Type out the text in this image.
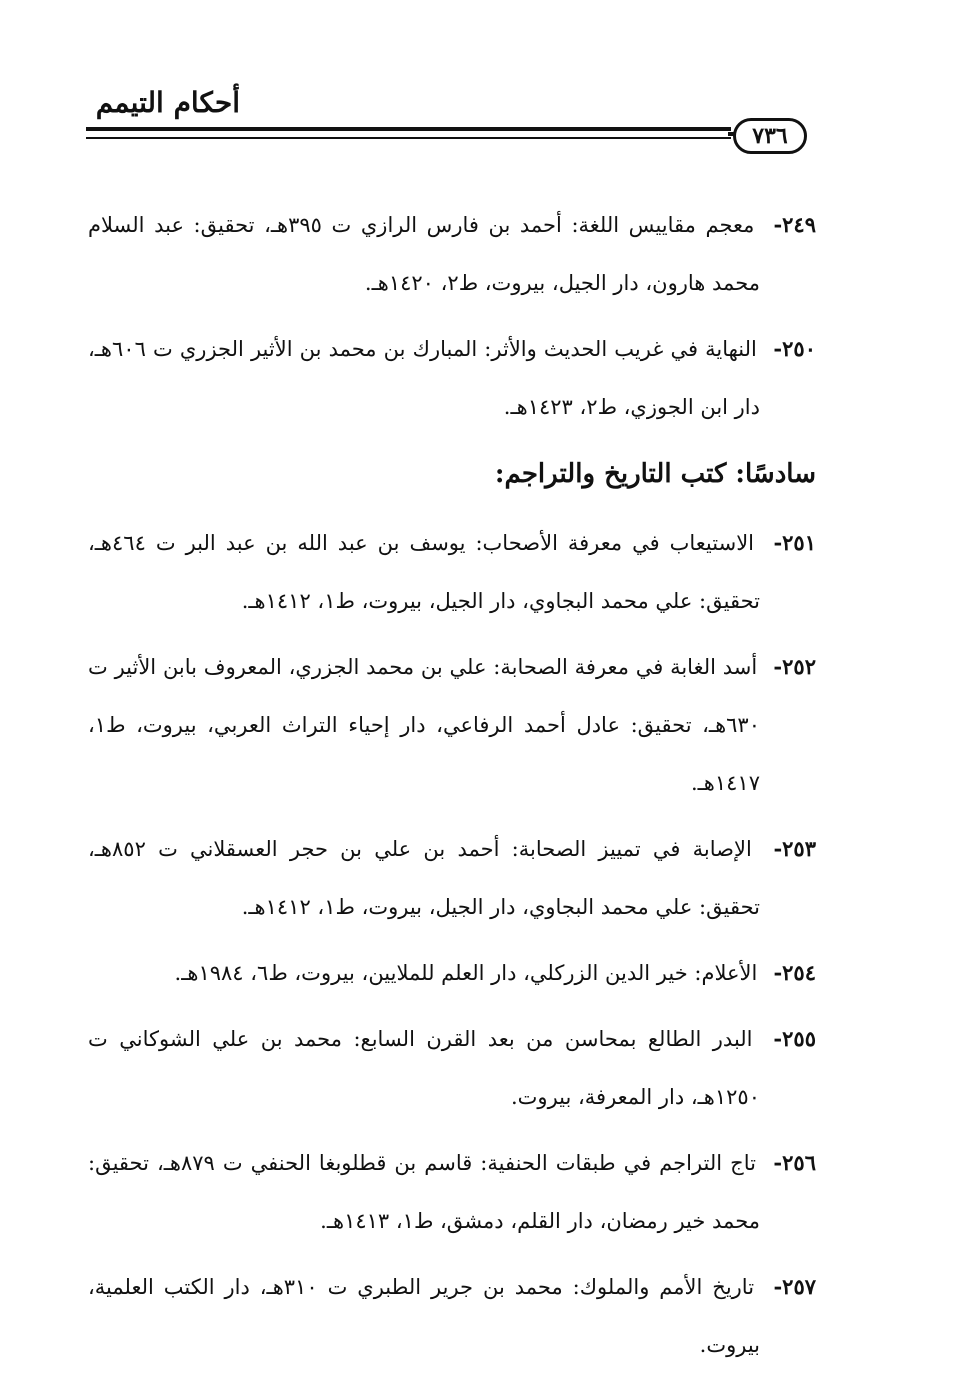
أحكام التيمم
٧٣٦
٢٤٩- معجم مقاييس اللغة: أحمد بن فارس الرازي ت ٣٩٥هـ، تحقيق: عبد السلام محمد هارون، دار الجيل، بيروت، ط٢، ١٤٢٠هـ.
٢٥٠- النهاية في غريب الحديث والأثر: المبارك بن محمد بن الأثير الجزري ت ٦٠٦هـ، دار ابن الجوزي، ط٢، ١٤٢٣هـ.
سادسًا: كتب التاريخ والتراجم:
٢٥١- الاستيعاب في معرفة الأصحاب: يوسف بن عبد الله بن عبد البر ت ٤٦٤هـ، تحقيق: علي محمد البجاوي، دار الجيل، بيروت، ط١، ١٤١٢هـ.
٢٥٢- أسد الغابة في معرفة الصحابة: علي بن محمد الجزري، المعروف بابن الأثير ت ٦٣٠هـ، تحقيق: عادل أحمد الرفاعي، دار إحياء التراث العربي، بيروت، ط١، ١٤١٧هـ.
٢٥٣- الإصابة في تمييز الصحابة: أحمد بن علي بن حجر العسقلاني ت ٨٥٢هـ، تحقيق: علي محمد البجاوي، دار الجيل، بيروت، ط١، ١٤١٢هـ.
٢٥٤- الأعلام: خير الدين الزركلي، دار العلم للملايين، بيروت، ط٦، ١٩٨٤هـ.
٢٥٥- البدر الطالع بمحاسن من بعد القرن السابع: محمد بن علي الشوكاني ت ١٢٥٠هـ، دار المعرفة، بيروت.
٢٥٦- تاج التراجم في طبقات الحنفية: قاسم بن قطلوبغا الحنفي ت ٨٧٩هـ، تحقيق: محمد خير رمضان، دار القلم، دمشق، ط١، ١٤١٣هـ.
٢٥٧- تاريخ الأمم والملوك: محمد بن جرير الطبري ت ٣١٠هـ، دار الكتب العلمية، بيروت.
